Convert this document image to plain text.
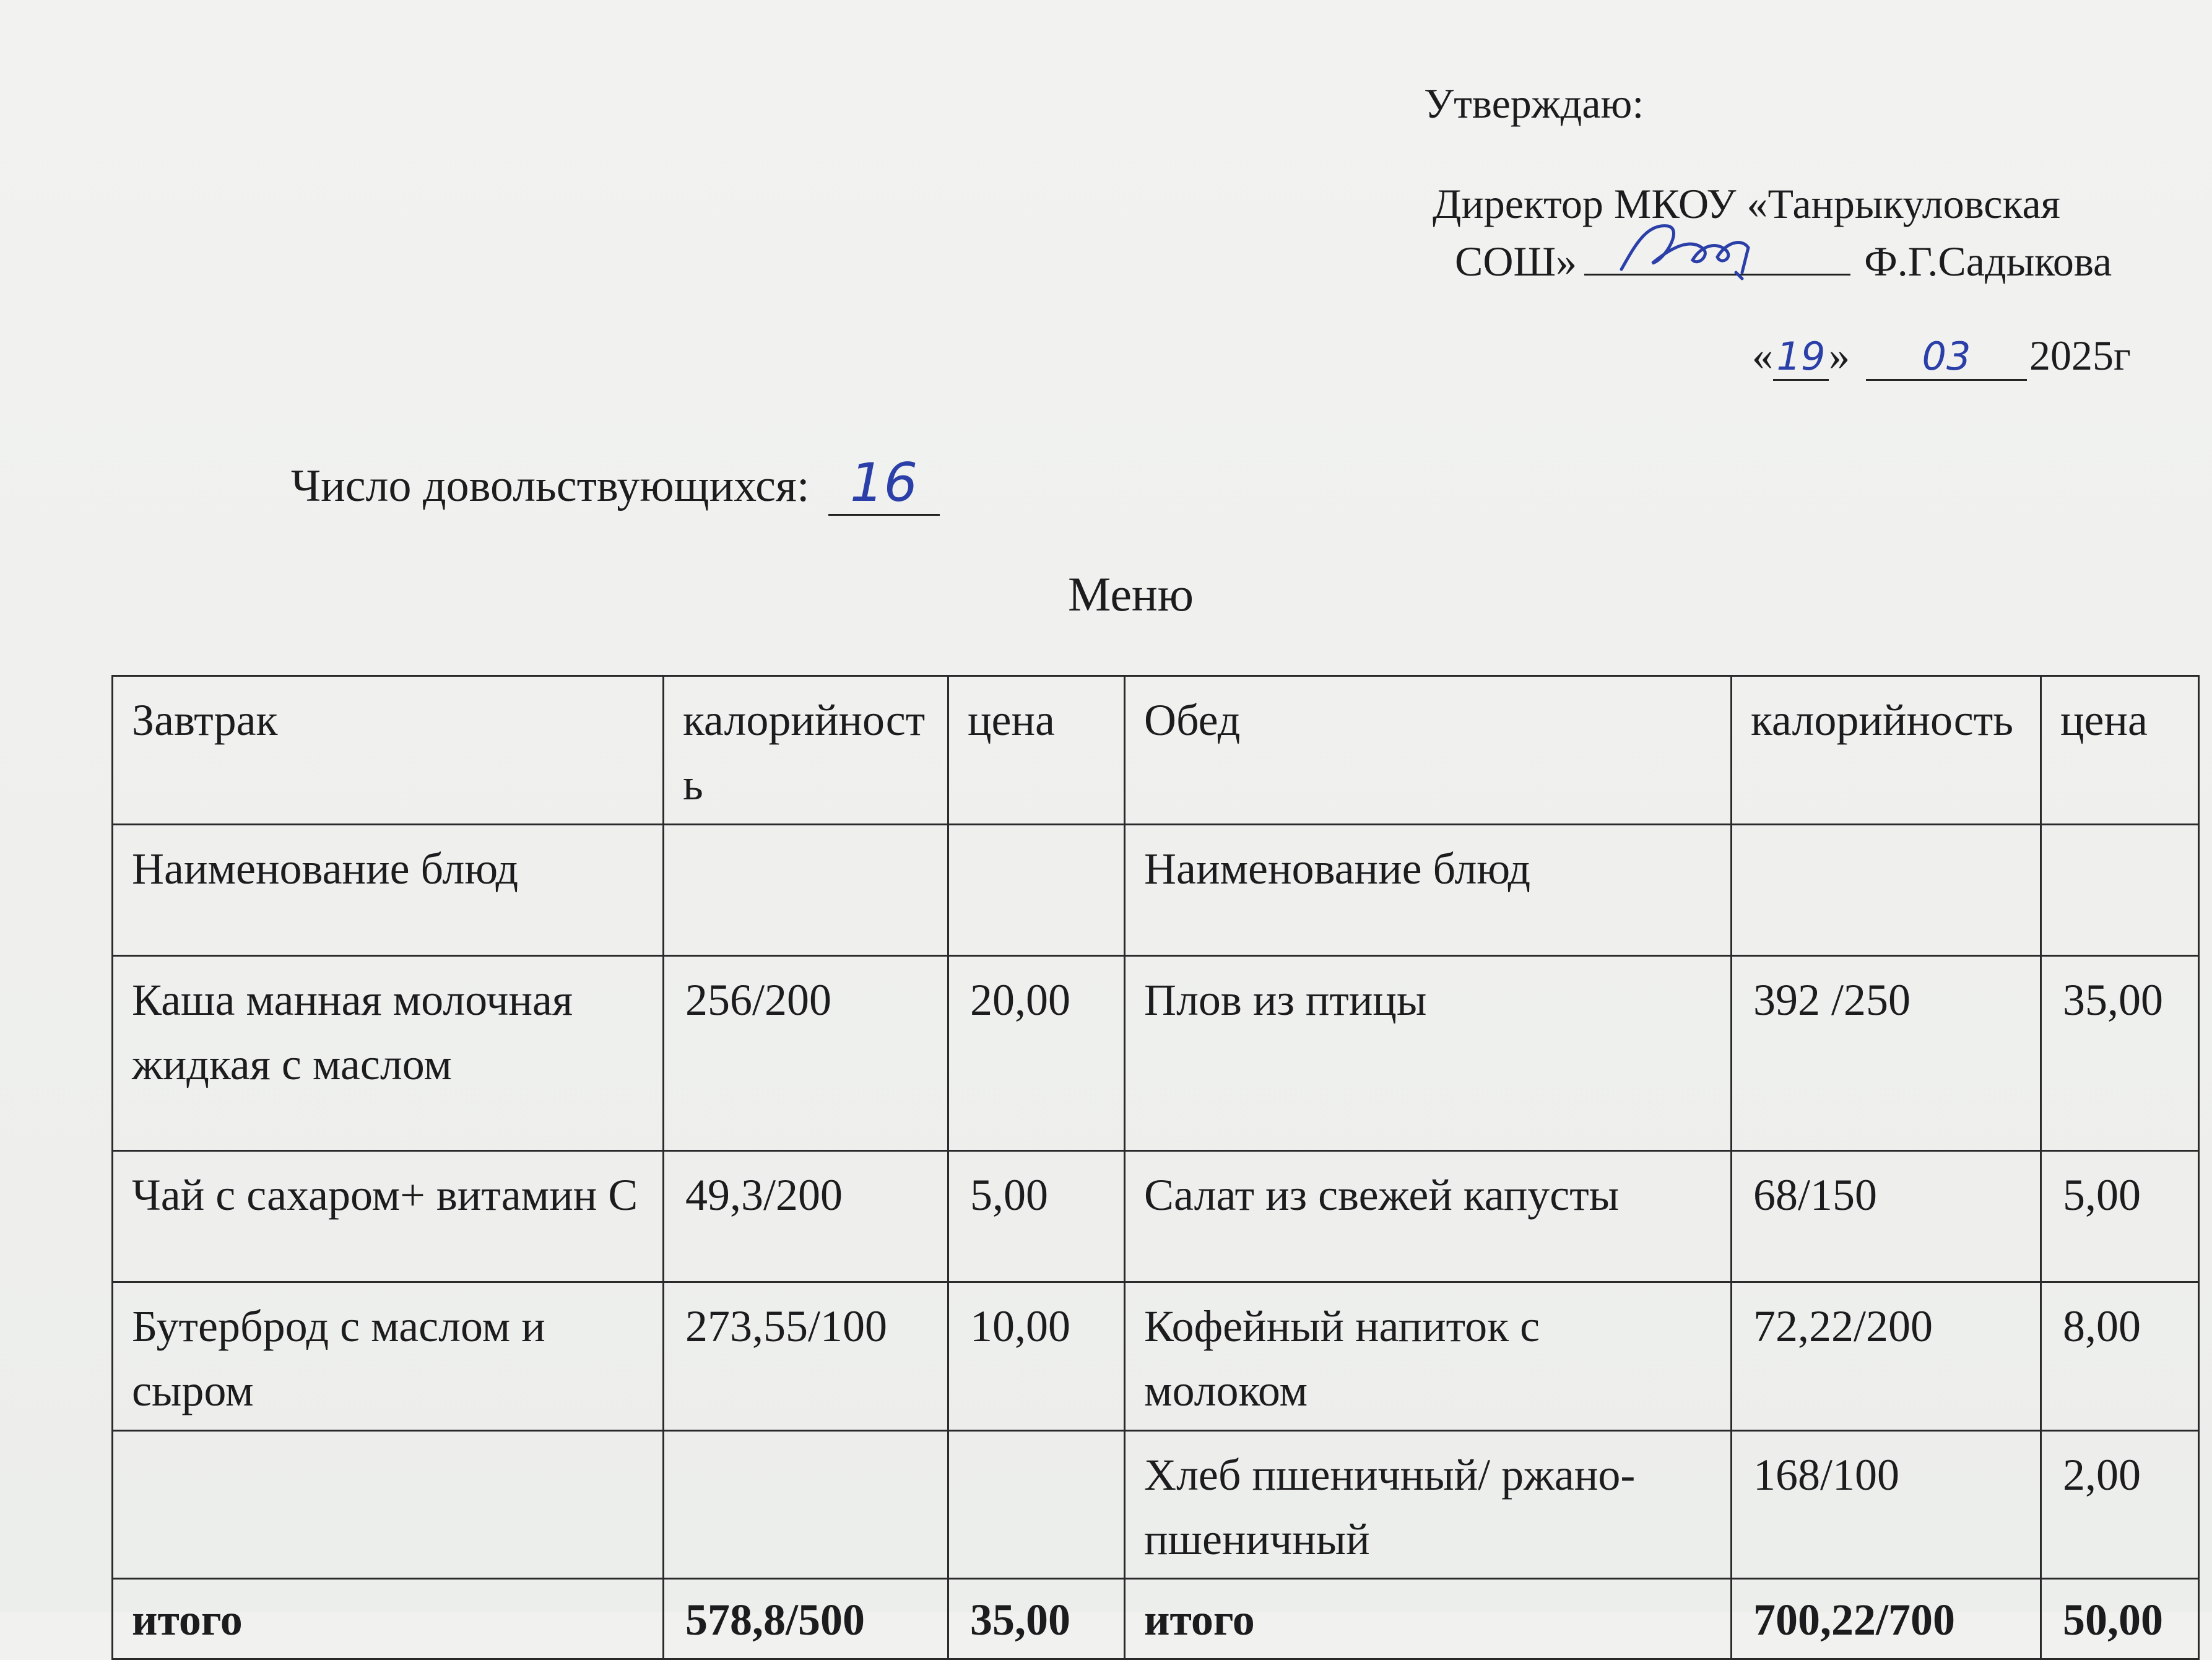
Утверждаю:
Директор МКОУ «Танрыкуловская
СОШ»	Ф.Г.Садыкова
« 19 »	03	2025г
Число довольствующихся: 16
Меню
Завтрак	калорийность	цена	Обед	калорийность	цена
Наименование блюд			Наименование блюд		
Каша манная молочная жидкая с маслом	256/200	20,00	Плов из птицы	392 /250	35,00
Чай с сахаром+ витамин С	49,3/200	5,00	Салат из свежей капусты	68/150	5,00
Бутерброд с маслом и сыром	273,55/100	10,00	Кофейный напиток с молоком	72,22/200	8,00
			Хлеб пшеничный/ ржано-пшеничный	168/100	2,00
итого	578,8/500	35,00	итого	700,22/700	50,00
